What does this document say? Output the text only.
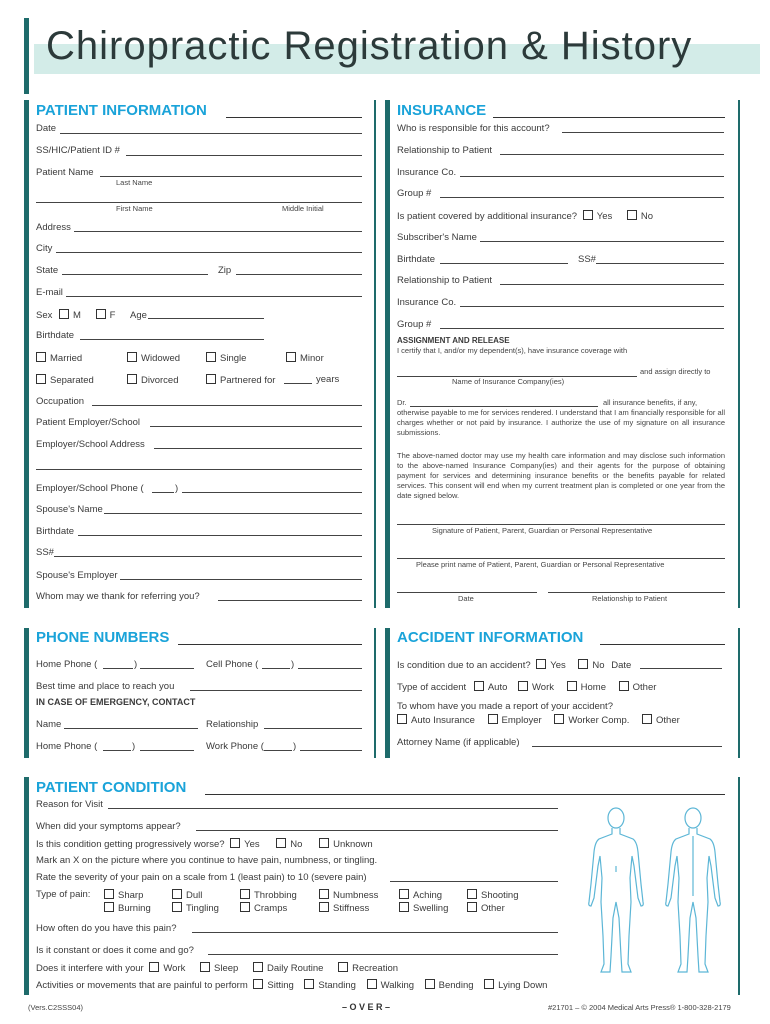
Chiropractic Registration & History
PATIENT INFORMATION
Date
SS/HIC/Patient ID #
Patient Name
Last Name
First Name	Middle Initial
Address
City
State	Zip
E-mail
Sex M	F Age
Birthdate
Married	Widowed	Single	Minor
Separated	Divorced	Partnered for	years
Occupation
Patient Employer/School
Employer/School Address
Employer/School Phone (	)
Spouse's Name
Birthdate
SS#
Spouse's Employer
Whom may we thank for referring you?
INSURANCE
Who is responsible for this account?
Relationship to Patient
Insurance Co.
Group #
Is patient covered by additional insurance? Yes	No
Subscriber's Name
Birthdate	SS#
Relationship to Patient
Insurance Co.
Group #
ASSIGNMENT AND RELEASE
I certify that I, and/or my dependent(s), have insurance coverage with
and assign directly to
Name of Insurance Company(ies)
Dr.	all insurance benefits, if any,
otherwise payable to me for services rendered. I understand that I am financially responsible for all charges whether or not paid by insurance. I authorize the use of my signature on all insurance submissions.
The above-named doctor may use my health care information and may disclose such information to the above-named Insurance Company(ies) and their agents for the purpose of obtaining payment for services and determining insurance benefits or the benefits payable for related services. This consent will end when my current treatment plan is completed or one year from the date signed below.
Signature of Patient, Parent, Guardian or Personal Representative
Please print name of Patient, Parent, Guardian or Personal Representative
Date	Relationship to Patient
PHONE NUMBERS
Home Phone (	)	Cell Phone (	)
Best time and place to reach you
IN CASE OF EMERGENCY, CONTACT
Name	Relationship
Home Phone (	)	Work Phone (	)
ACCIDENT INFORMATION
Is condition due to an accident? Yes	No Date
Type of accident Auto	Work	Home	Other
To whom have you made a report of your accident?
Auto Insurance	Employer	Worker Comp.	Other
Attorney Name (if applicable)
PATIENT CONDITION
Reason for Visit
When did your symptoms appear?
Is this condition getting progressively worse? Yes	No	Unknown
Mark an X on the picture where you continue to have pain, numbness, or tingling.
Rate the severity of your pain on a scale from 1 (least pain) to 10 (severe pain)
Type of pain:	Sharp	Dull	Throbbing	Numbness	Aching	Shooting
Burning	Tingling	Cramps	Stiffness	Swelling	Other
How often do you have this pain?
Is it constant or does it come and go?
Does it interfere with your Work	Sleep	Daily Routine	Recreation
Activities or movements that are painful to perform Sitting	Standing	Walking	Bending	Lying Down
(Vers.C2SSS04)	– O V E R –	#21701 – © 2004 Medical Arts Press® 1-800-328-2179
